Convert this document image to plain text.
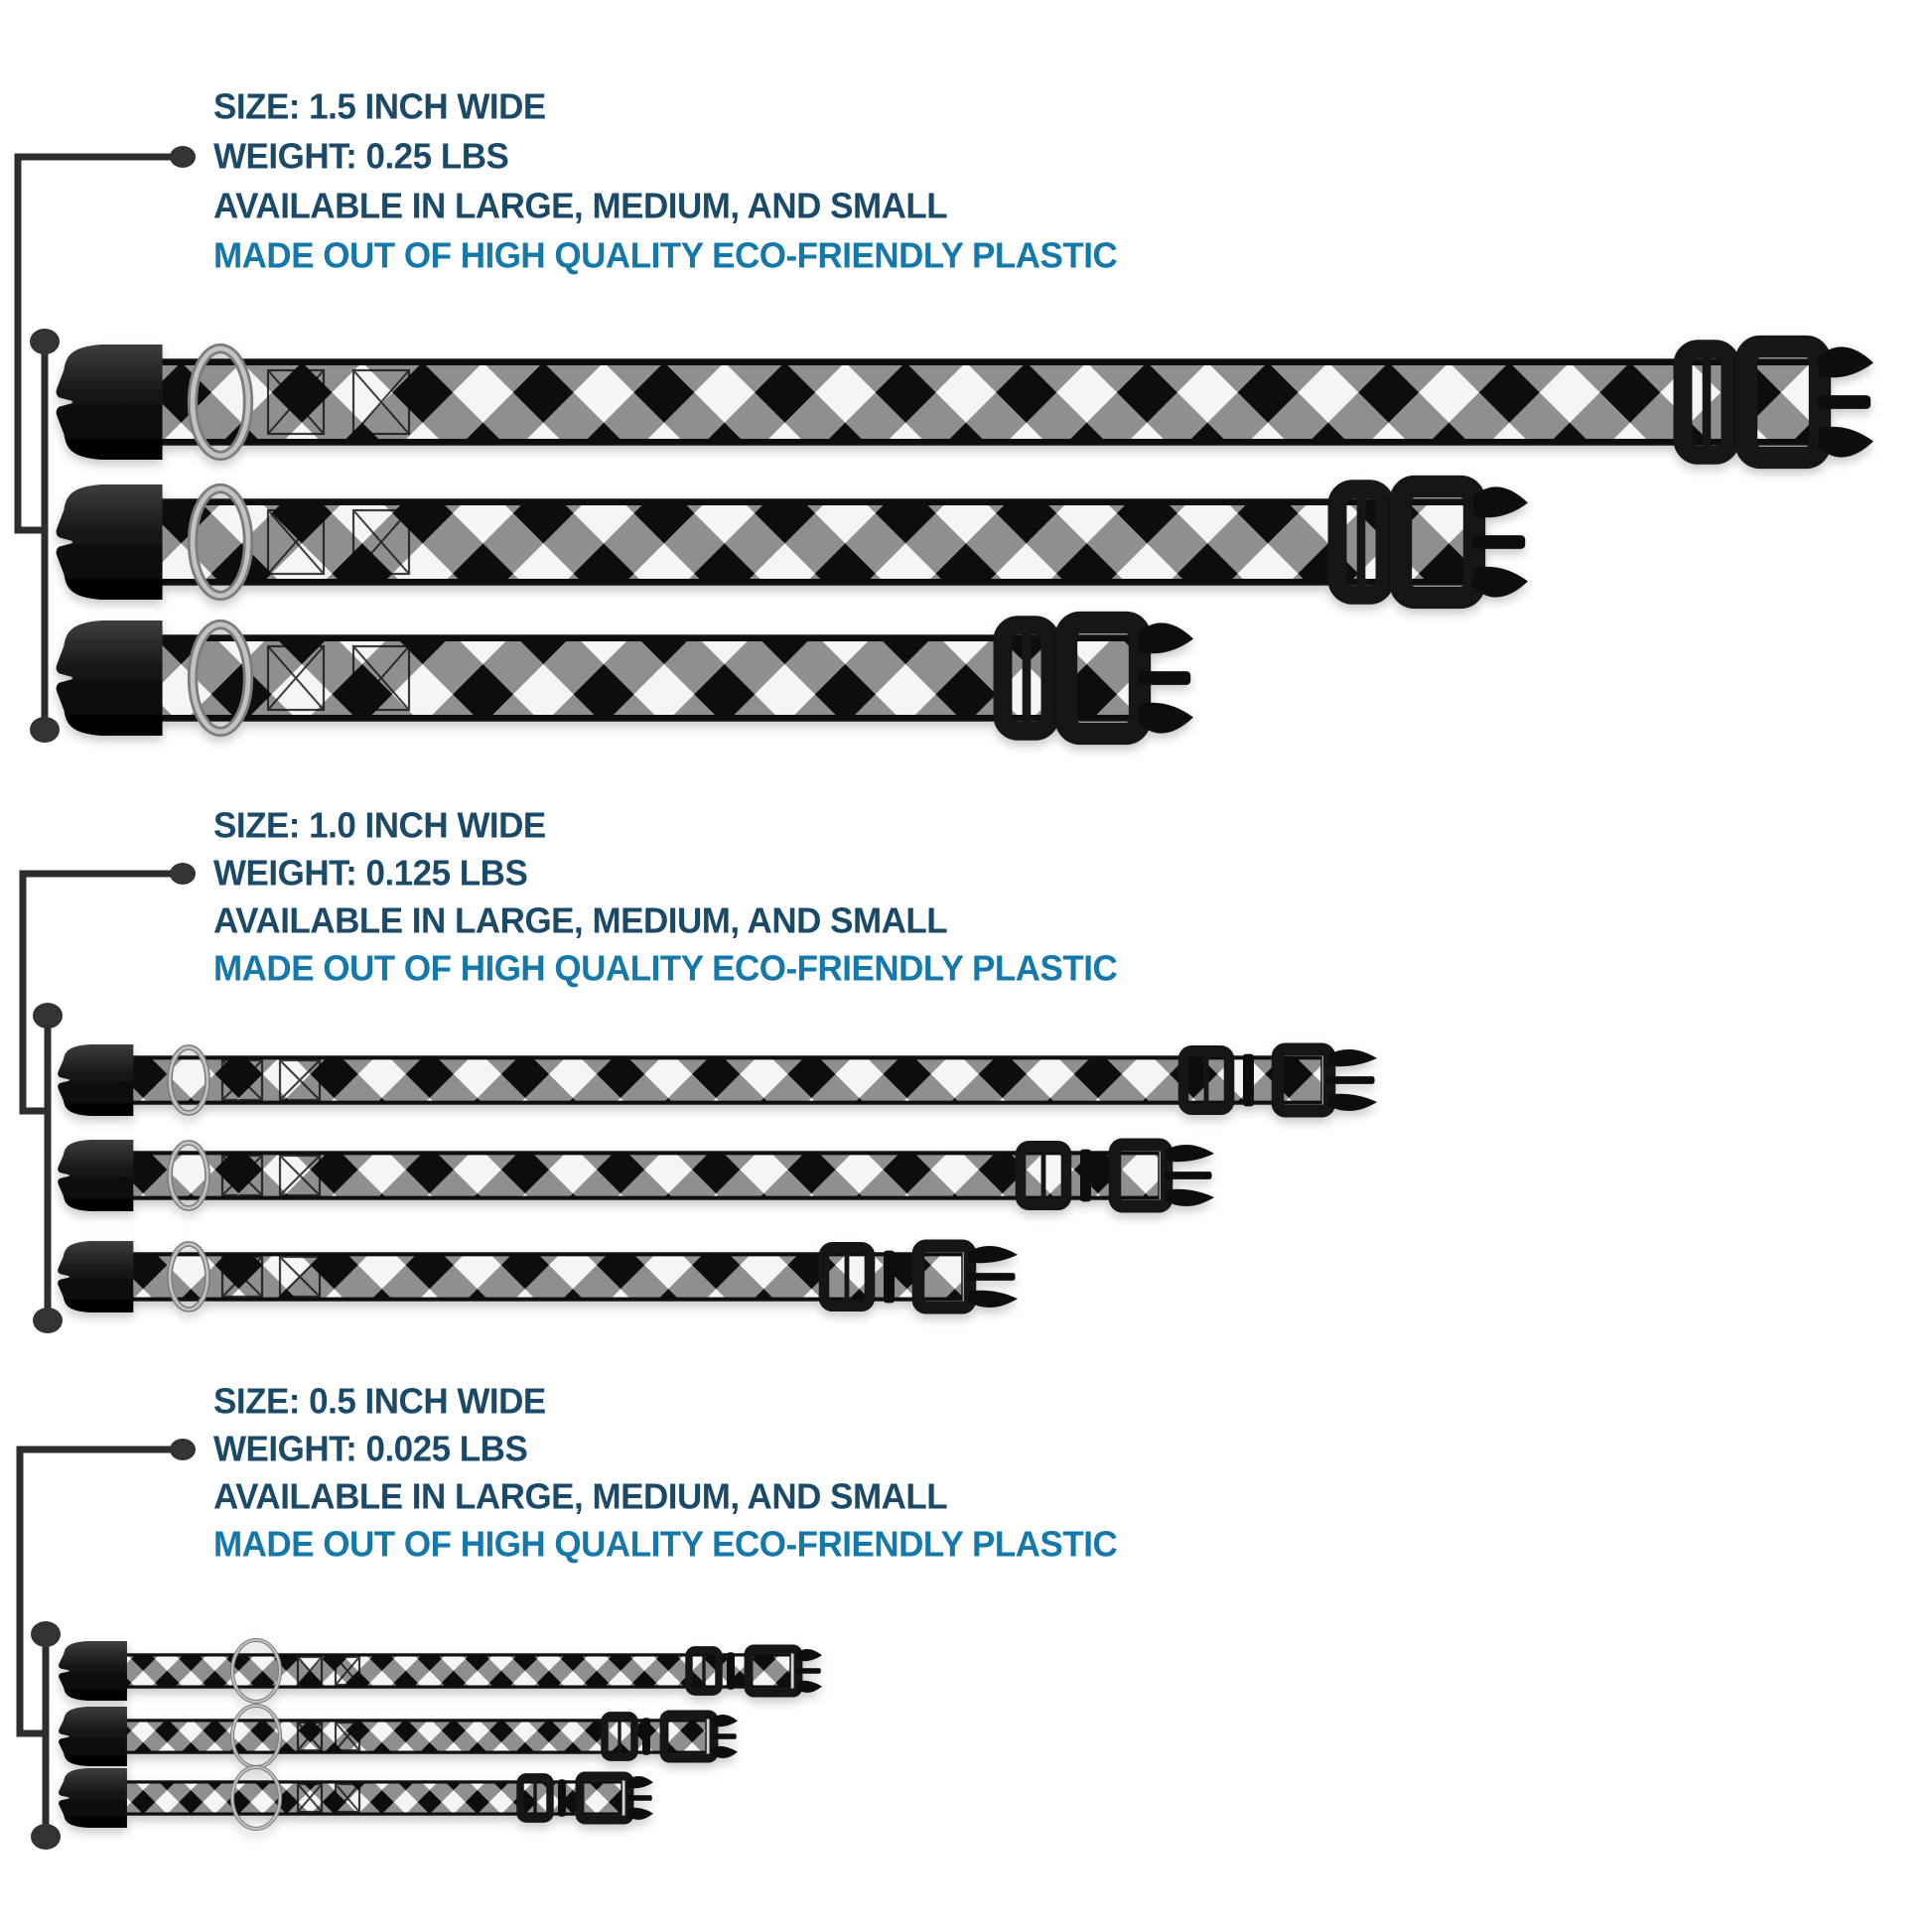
SIZE: 1.5 INCH WIDE
WEIGHT: 0.25 LBS
AVAILABLE IN LARGE, MEDIUM, AND SMALL
MADE OUT OF HIGH QUALITY ECO-FRIENDLY PLASTIC
SIZE: 1.0 INCH WIDE
WEIGHT: 0.125 LBS
AVAILABLE IN LARGE, MEDIUM, AND SMALL
MADE OUT OF HIGH QUALITY ECO-FRIENDLY PLASTIC
SIZE: 0.5 INCH WIDE
WEIGHT: 0.025 LBS
AVAILABLE IN LARGE, MEDIUM, AND SMALL
MADE OUT OF HIGH QUALITY ECO-FRIENDLY PLASTIC
